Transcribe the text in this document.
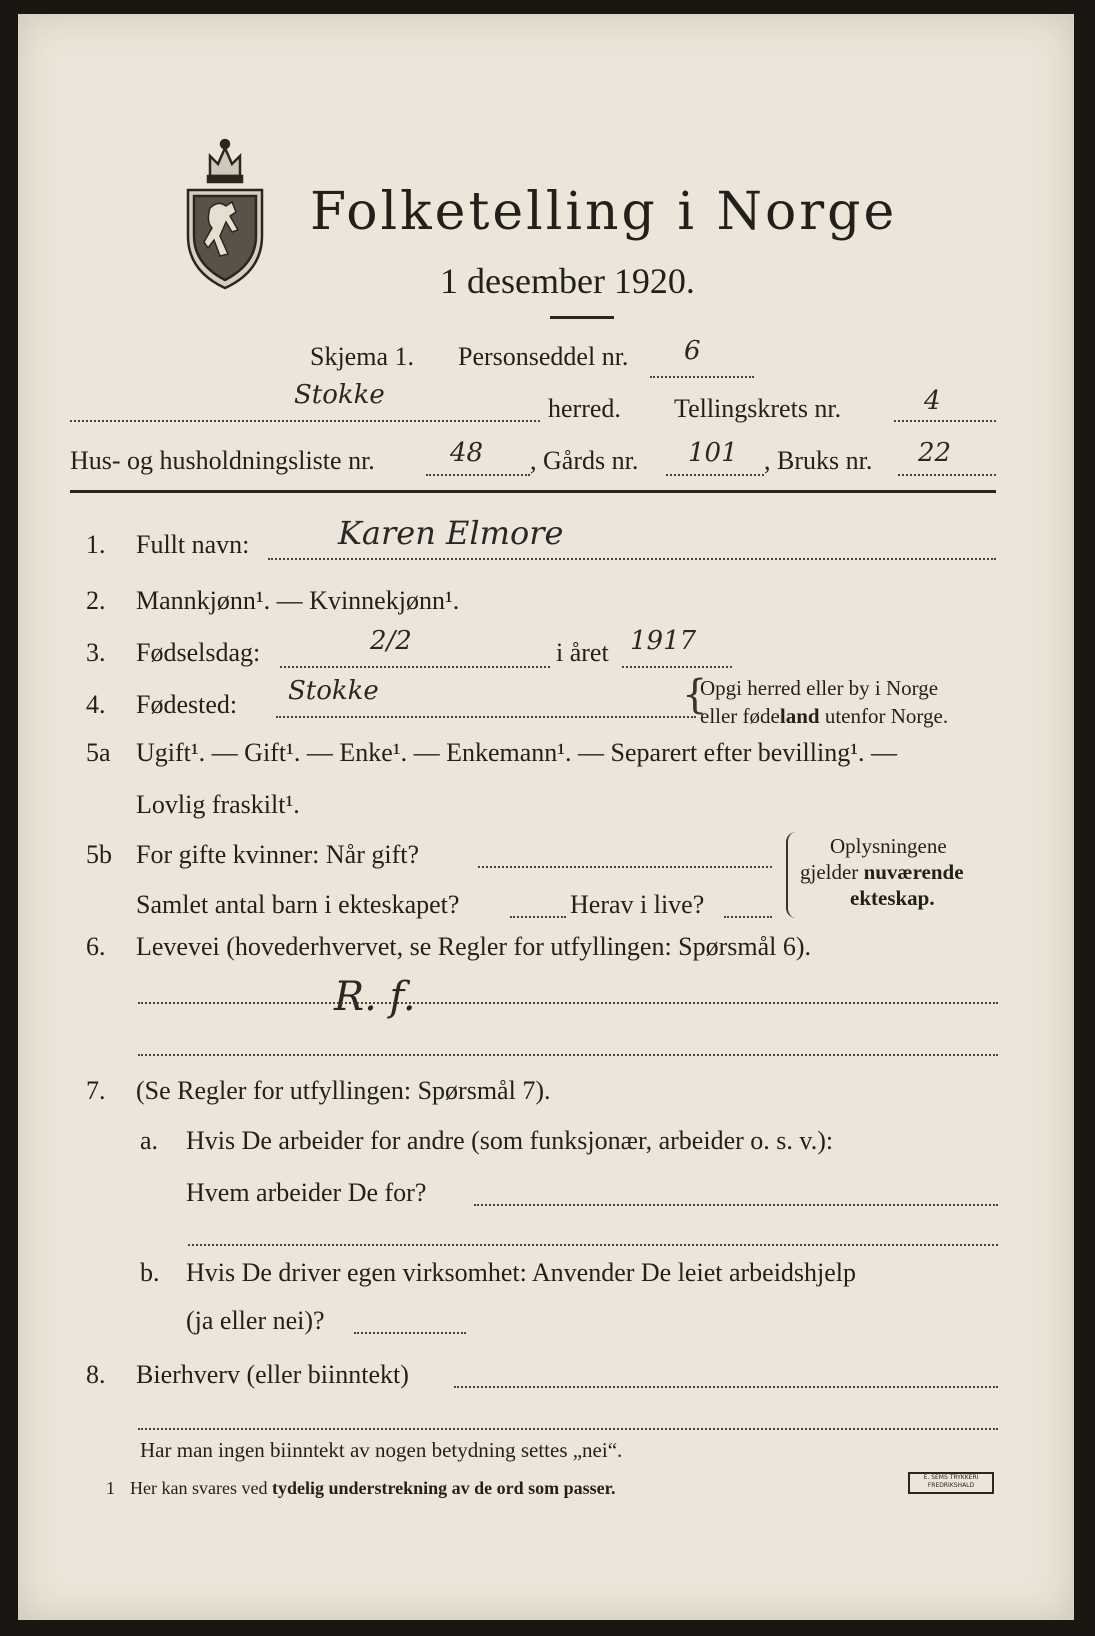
Folketelling i Norge
1 desember 1920.
Skjema 1. Personseddel nr. 6
Stokke	herred. Tellingskrets nr.	4
Hus- og husholdningsliste nr.	48 , Gårds nr. 101 , Bruks nr. 22
1. Fullt navn:	Karen Elmore
2. Mannkjønn¹. — Kvinnekjønn¹.
3. Fødselsdag:	2/2	i året 1917
4. Fødested: Stokke	{
Opgi herred eller by i Norge
eller fødeland utenfor Norge.
5a Ugift¹. — Gift¹. — Enke¹. — Enkemann¹. — Separert efter bevilling¹. —
Lovlig fraskilt¹.
5b For gifte kvinner: Når gift?
Samlet antal barn i ekteskapet?	Herav i live?
Oplysningene
gjelder nuværende
ekteskap.
6. Levevei (hovederhvervet, se Regler for utfyllingen: Spørsmål 6).
R. f.
7. (Se Regler for utfyllingen: Spørsmål 7).
a. Hvis De arbeider for andre (som funksjonær, arbeider o. s. v.):
Hvem arbeider De for?
b. Hvis De driver egen virksomhet: Anvender De leiet arbeidshjelp
(ja eller nei)?
8. Bierhverv (eller biinntekt)
Har man ingen biinntekt av nogen betydning settes „nei“.
1 Her kan svares ved tydelig understrekning av de ord som passer.
E. SEMS TRYKKERI FREDRIKSHALD
